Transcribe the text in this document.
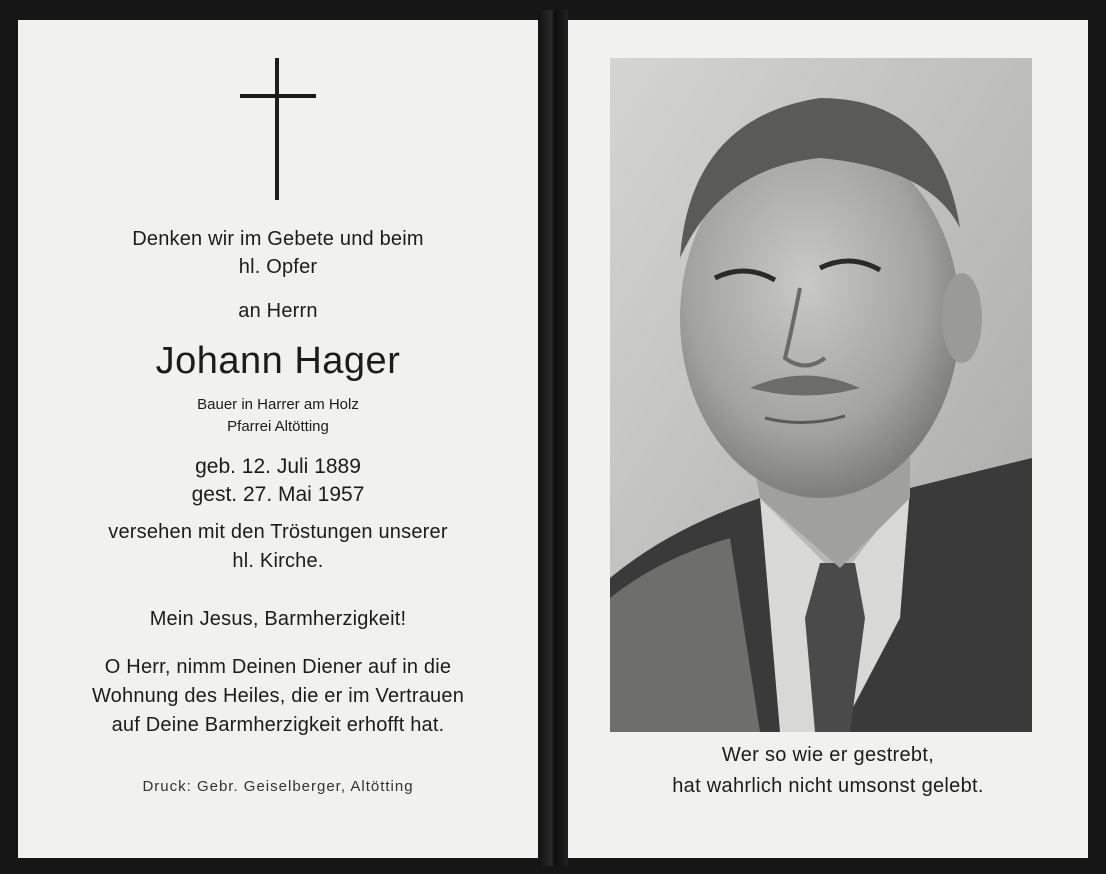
Denken wir im Gebete und beim
hl. Opfer
an Herrn
Johann Hager
Bauer in Harrer am Holz
Pfarrei Altötting
geb. 12. Juli 1889
gest. 27. Mai 1957
versehen mit den Tröstungen unserer
hl. Kirche.
Mein Jesus, Barmherzigkeit!
O Herr, nimm Deinen Diener auf in die
Wohnung des Heiles, die er im Vertrauen
auf Deine Barmherzigkeit erhofft hat.
Druck: Gebr. Geiselberger, Altötting
Wer so wie er gestrebt,
hat wahrlich nicht umsonst gelebt.
